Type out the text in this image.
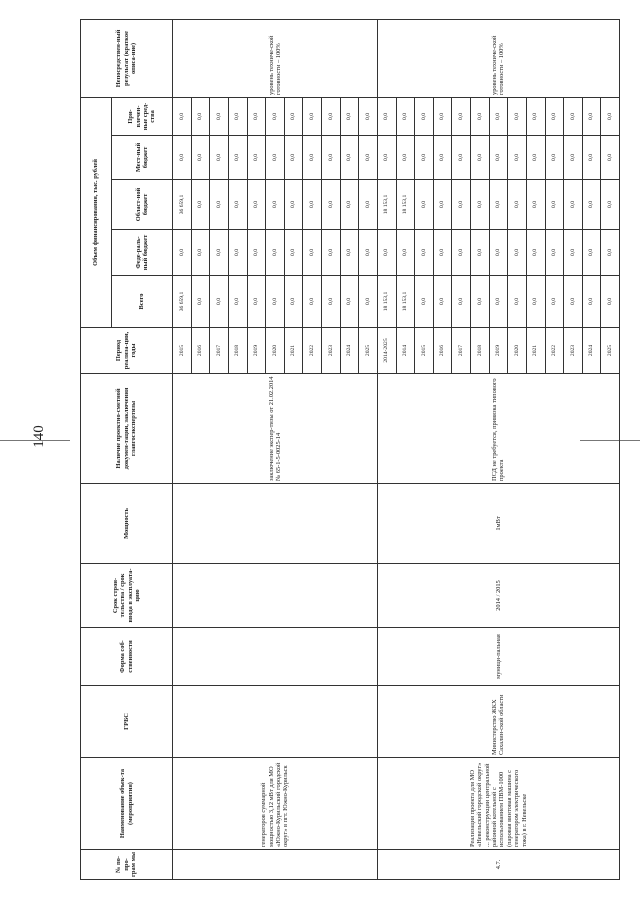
140
№ по-про-грам мы	Наименование объек-та (мероприятия)	ГРБС	Форма соб-ственности	Срок строи-тельства / срок ввода в эксплуата-цию	Мощность	Наличие проектно-сметной докумен-тации, заключения главгосэкспертизы	Период реализа-ции, годы	Объем финансирования, тыс. рублей					Непосредствен-ный результат (краткое описа-ние)
								Всего	Феде-раль-ный бюджет	Област-ной бюджет	Мест-ный бюджет	При-влечен-ные сред-ства	
	генераторов суммарной мощностью 3,12 мВт для МО «Южно-Курильский городской округ» в пгт. Южно-Курильск					заключение экспер-тизы от 21.02.2014 № 65-1-5-0025-14	2015	36 659,1	0,0	36 659,1	0,0	0,0	уровень техниче-ской готовности – 100%
							2016	0,0	0,0	0,0	0,0	0,0	
							2017	0,0	0,0	0,0	0,0	0,0	
							2018	0,0	0,0	0,0	0,0	0,0	
							2019	0,0	0,0	0,0	0,0	0,0	
							2020	0,0	0,0	0,0	0,0	0,0	
							2021	0,0	0,0	0,0	0,0	0,0	
							2022	0,0	0,0	0,0	0,0	0,0	
							2023	0,0	0,0	0,0	0,0	0,0	
							2024	0,0	0,0	0,0	0,0	0,0	
							2025	0,0	0,0	0,0	0,0	0,0	
4.7.	Реализация проекта для МО «Невельский городской округ» ... реконструкции центральной районной котельной с использованием ПВМ-1000 (паровая винтовая машина с генератором электрического тока) в г. Невельске	Министерство ЖКХ Сахалин-ской области	муници-пальная	2014 / 2015	1мВт	ПСД не требуется, привязка типового проекта	2014-2025	18 153,1	0,0	18 153,1	0,0	0,0	уровень техниче-ской готовности – 100%
							2014	18 153,1	0,0	18 153,1	0,0	0,0	
							2015	0,0	0,0	0,0	0,0	0,0	
							2016	0,0	0,0	0,0	0,0	0,0	
							2017	0,0	0,0	0,0	0,0	0,0	
							2018	0,0	0,0	0,0	0,0	0,0	
							2019	0,0	0,0	0,0	0,0	0,0	
							2020	0,0	0,0	0,0	0,0	0,0	
							2021	0,0	0,0	0,0	0,0	0,0	
							2022	0,0	0,0	0,0	0,0	0,0	
							2023	0,0	0,0	0,0	0,0	0,0	
							2024	0,0	0,0	0,0	0,0	0,0	
							2025	0,0	0,0	0,0	0,0	0,0	
